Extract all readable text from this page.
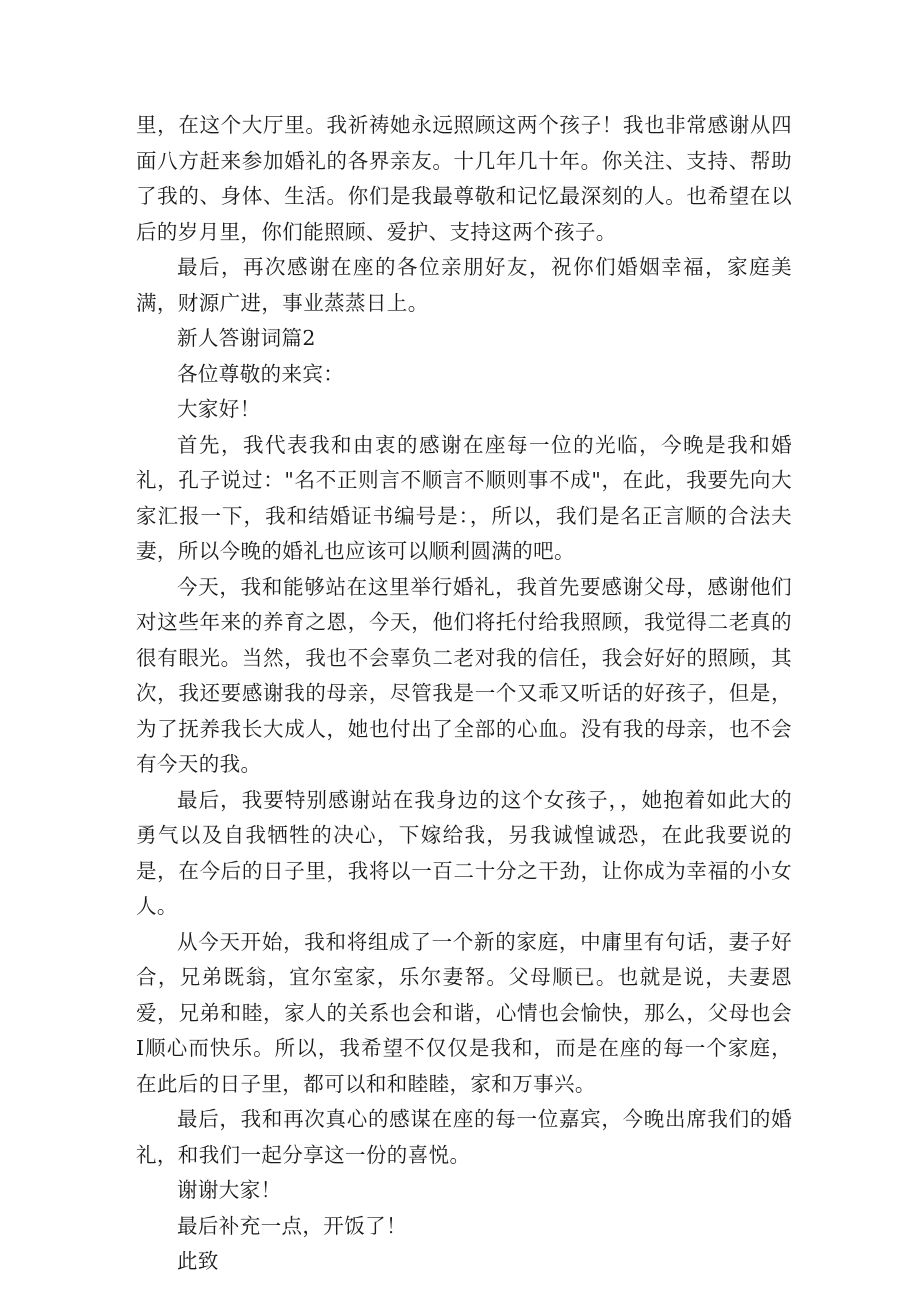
里，在这个大厅里。我祈祷她永远照顾这两个孩子！我也非常感谢从四面八方赶来参加婚礼的各界亲友。十几年几十年。你关注、支持、帮助了我的、身体、生活。你们是我最尊敬和记忆最深刻的人。也希望在以后的岁月里，你们能照顾、爱护、支持这两个孩子。

最后，再次感谢在座的各位亲朋好友，祝你们婚姻幸福，家庭美满，财源广进，事业蒸蒸日上。

新人答谢词篇2

各位尊敬的来宾：

大家好！

首先，我代表我和由衷的感谢在座每一位的光临，今晚是我和婚礼，孔子说过："名不正则言不顺言不顺则事不成"，在此，我要先向大家汇报一下，我和结婚证书编号是：，所以，我们是名正言顺的合法夫妻，所以今晚的婚礼也应该可以顺利圆满的吧。

今天，我和能够站在这里举行婚礼，我首先要感谢父母，感谢他们对这些年来的养育之恩，今天，他们将托付给我照顾，我觉得二老真的很有眼光。当然，我也不会辜负二老对我的信任，我会好好的照顾，其次，我还要感谢我的母亲，尽管我是一个又乖又听话的好孩子，但是，为了抚养我长大成人，她也付出了全部的心血。没有我的母亲，也不会有今天的我。

最后，我要特别感谢站在我身边的这个女孩子，，她抱着如此大的勇气以及自我牺牲的决心，下嫁给我，另我诚惶诚恐，在此我要说的是，在今后的日子里，我将以一百二十分之干劲，让你成为幸福的小女人。

从今天开始，我和将组成了一个新的家庭，中庸里有句话，妻子好合，兄弟既翁，宜尔室家，乐尔妻帑。父母顺已。也就是说，夫妻恩爱，兄弟和睦，家人的关系也会和谐，心情也会愉快，那么，父母也会I顺心而快乐。所以，我希望不仅仅是我和，而是在座的每一个家庭，在此后的日子里，都可以和和睦睦，家和万事兴。

最后，我和再次真心的感谋在座的每一位嘉宾，今晚出席我们的婚礼，和我们一起分享这一份的喜悦。

谢谢大家！

最后补充一点，开饭了！

此致
